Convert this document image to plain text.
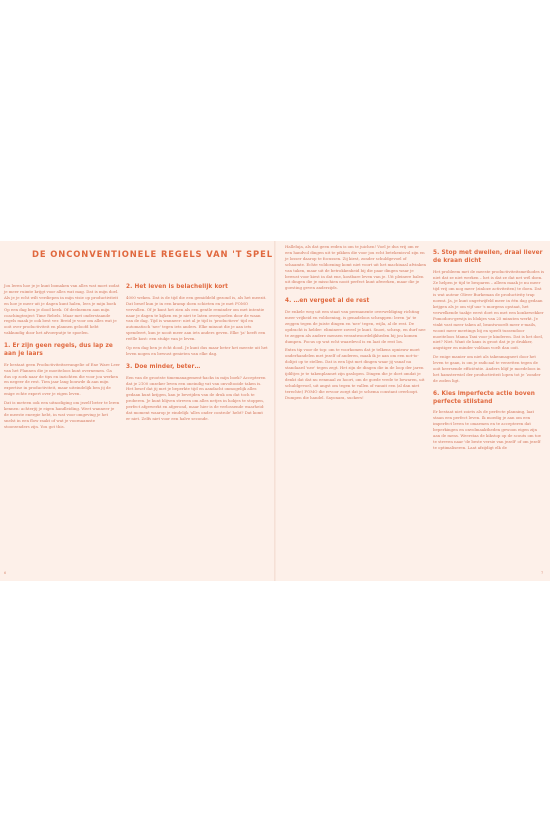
DE ONCONVENTIONELE REGELS VAN 'T SPEL

Jou leren hoe je je kunt bomaken van alles wat moet zodat je meer ruimte krijgt voor alles wat mag. Dat is mijn doel. Als je je echt wilt verdiepen in mijn visie op productiviteit en hoe je meer uit je dagen kunt halen, lees je mijn boek Op een dag ben je dood keek. Of deelnemen aan mijn coachingtraject Time Rebels. Maar met onderstaande regels maak je ook best ver. Breid je voor om alles wat je ooit over productiviteit en plannen geloofd hebt vakkundig door het afvoerputje te spoelen.

1. Er zijn geen regels, dus lap ze aan je laars

Er bestaat geen Productiviteitsevangelie of Ene Ware Leer van het Plannen die je moeiteloos kunt overnemen. Ga dus op zoek naar de tips en inzichten die voor jou werken en negeer de rest. Tien jaar lang bouwde ik aan mijn expertise in productiviteit, maar uiteindelijk ben jij de enige echte expert over je eigen leven.

Dat is meteen ook een uitnodiging om jezelf beter te leren kennen: achterjij je eigen handleiding. Weet wanneer je de meeste energie hebt, in wat voor omgeving je het snelst in een flow raakt of wat je voornaamste stoorzenders zijn. You got this.

2. Het leven is belachelijk kort

4000 weken. Dat is de tijd die een gemiddeld gezond is, als het meezit. Dat besef kun je in een kramp doen schieten en je met FOMO vervullen. Of je kunt het zien als een gentle reminder om met intentie naar je dagen te kijken en je niet te laten overspoelen door de waan van de dag. Tijd is wanneer: niet al je tijd is 'productieve' tijd en automatisch 'nee' tegen iets anders. Elke minuut die je aan iets spendeert, kun je nooit meer aan iets anders geven. Elke 'ja' heeft een reëlle kost: een stukje van je leven.

Op een dag ben je écht dood. Je kunt dus maar beter het meeste uit het leven nogen en bewust genieten van elke dag.

3. Doe minder, beter…

Een van de grootste timemanagement-hacks in mijn boek? Accepteren dat je 2100 onzeker leven een oneindig vat van onvoltooide taken is. Het besef dat jij met je beperkte tijd en aandacht onmogelijk alles gedaan kunt krijgen, kan je bevrijden van de druk om dat toch te proberen. Je kunt blijven streven om alles netjes in hokjes te stoppen, perfect afgewerkt en afgerond, maar hier is de verlossende waarheid: dat moment waarop je eindelijk 'alles onder controle' hebt? Dat komt er niet. Zelfs niet voor een halve seconde.

6

Halleluja, als dat geen reden is om te juichen! Voel je dus vrij om er een handvol dingen uit te pikken die voor jou echt betekenisvol zijn en je losser daarop te focussen. Zij kiest, zonder schuldgevoel of schaamte. Echte voldoening komt niet voort uit het machinaal afvinken van taken, maar uit de betrokkenheid bij die paar dingen waar je bewust voor kiest in dat ene, kostbare leven van je. Uit pleinere balen uit dingen die je misschien nooit perfect kunt afwerken, maar die je goesting geven anderzijds.

4. …en vergeet al de rest

De enkele weg uit een staat van permanente overweldiging richting meer vrijheid en voldoening, is genadeloos schrappen: leren 'ja' te zeggen tegen de juiste dingen en 'nee' tegen, wijla, al de rest. De opdracht is helder: eliminere zoveel je kunt. Snoei, schrap, en durf nee te zeggen als andere mensen verantwoordelijkheden bij jou komen dumpen. Focus op wat echt waardevol is en laat de rest los.

Extra tip voor de top: om te voorkomen dat je telkens opnieuw moet onderhandelen met jezelf of anderen, maak ik je aan om een not-to-dolijst op te stellen. Dat is een lijst met dingen waar jij vanaf nu standaard 'nee' tegen zegt. Het zijn de dingen die in de loop der jaren ijdiltjes je te takenplannet zijn gaslopen. Dingen die je doet omdat je denkt dat dat nu eenmaal zo hoort, om de goede vrede te bewaren, uit schuldgevoel, uit angst om tegen te vallen of vanuit een (al dan niet terechte) FOMO die ervoor zorgt dat je schema constant overloopt. Dumpen die handel. Sayonara, suckers!

5. Stop met dweilen, draai liever de kraan dicht

Het probleem met de meeste productiviteitsmethodes is niet dat ze niet werken – het is dat ze dat net wél doen. Ze helpen je tijd te besparen – alleen maak je nu meer tijd vrij om nog meer (zinloze activiteiten) te doen. Dat is wat auteur Oliver Burkeman de productivity trap noemt. Ja, je kunt ongetwijfeld meer in één dag gedaan krijgen als je om vijf uur 's morgens opstaat, het verwelkende taakje eerst doet en met een konkewekker Pomodoro-gewijs in blokjes van 25 minuten werkt. Je vinkt vast meer taken af, beantwoordt meer e-mails, woont meer meetings bij en speelt tussendoor moeiteloos Mama Taxi voor je kinderen. Dat is het doel, niet? Niet. Want de kans is groot dat je je drukker, angstiger en minder voldaan voelt dan ooit.

De enige manier om niet als takenmagneet door het leven te gaan, is om je radicaal te verzetten tegen de ooit heersende efficiëntie. Anders blijf je moedeloos in het hamsterwiel der productiviteit lopen tot je ‘zonder de zoden ligt.

6. Kies imperfecte actie boven perfecte stilstand

Er bestaat niet zoiets als de perfecte planning, laat staan een perfect leven. Ik moedig je aan om een imperfect leven te omarmen en te accepteren dat beperkingen en onvolmaaktheden gewoon eigen zijn aan de mens. Weerstaa de kikstop op de scouts om toe te streven naar 'de beste versie van jezelf' of om jezelf te optimaliseren. Laat afzijdigt elk de

7
